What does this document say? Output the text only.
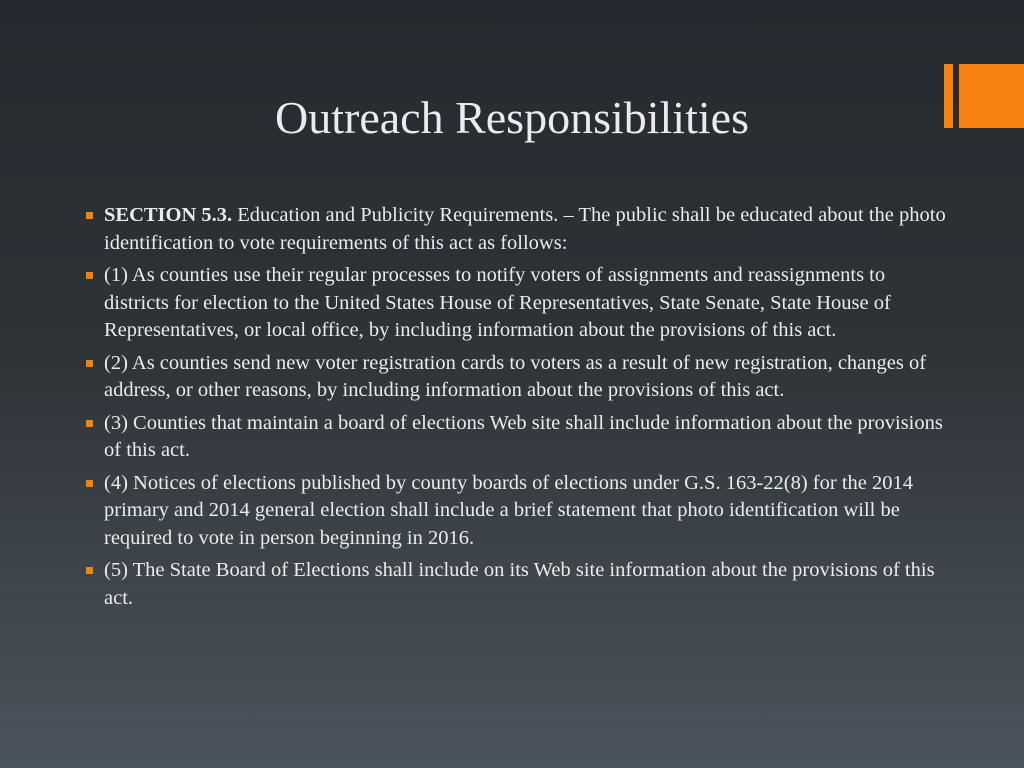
Outreach Responsibilities
SECTION 5.3. Education and Publicity Requirements. – The public shall be educated about the photo identification to vote requirements of this act as follows:
(1) As counties use their regular processes to notify voters of assignments and reassignments to districts for election to the United States House of Representatives, State Senate, State House of Representatives, or local office, by including information about the provisions of this act.
(2) As counties send new voter registration cards to voters as a result of new registration, changes of address, or other reasons, by including information about the provisions of this act.
(3) Counties that maintain a board of elections Web site shall include information about the provisions of this act.
(4) Notices of elections published by county boards of elections under G.S. 163-22(8) for the 2014 primary and 2014 general election shall include a brief statement that photo identification will be required to vote in person beginning in 2016.
(5) The State Board of Elections shall include on its Web site information about the provisions of this act.
